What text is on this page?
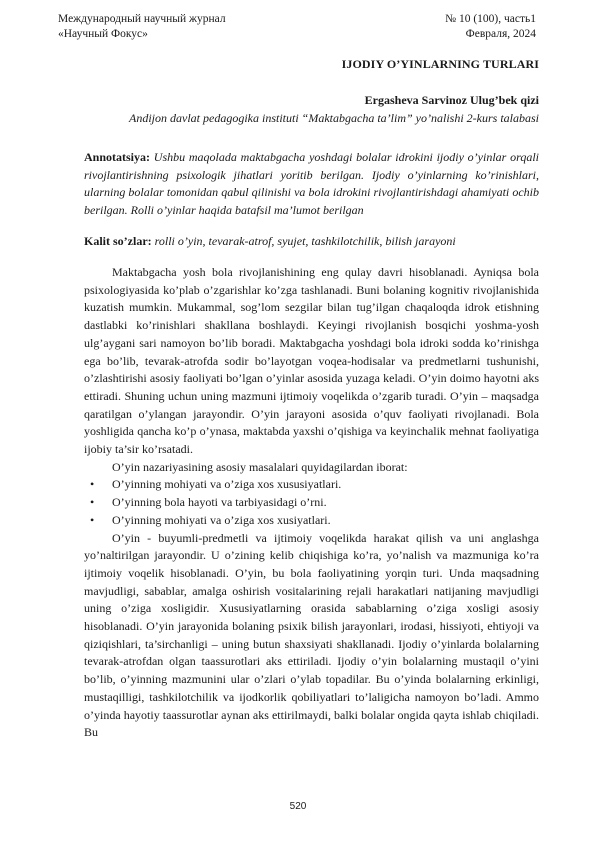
Международный научный журнал
«Научный Фокус»
№ 10 (100), часть1
Февраля, 2024
IJODIY O’YINLARNING TURLARI
Ergasheva Sarvinoz Ulug’bek qizi
Andijon davlat pedagogika instituti “Maktabgacha ta’lim” yo’nalishi 2-kurs talabasi
Annotatsiya: Ushbu maqolada maktabgacha yoshdagi bolalar idrokini ijodiy o’yinlar orqali rivojlantirishning psixologik jihatlari yoritib berilgan. Ijodiy o’yinlarning ko’rinishlari, ularning bolalar tomonidan qabul qilinishi va bola idrokini rivojlantirishdagi ahamiyati ochib berilgan. Rolli o’yinlar haqida batafsil ma’lumot berilgan
Kalit so’zlar: rolli o’yin, tevarak-atrof, syujet, tashkilotchilik, bilish jarayoni

Maktabgacha yosh bola rivojlanishining eng qulay davri hisoblanadi. Ayniqsa bola psixologiyasida ko’plab o’zgarishlar ko’zga tashlanadi. Buni bolaning kognitiv rivojlanishida kuzatish mumkin. Mukammal, sog’lom sezgilar bilan tug’ilgan chaqaloqda idrok etishning dastlabki ko’rinishlari shakllana boshlaydi. Keyingi rivojlanish bosqichi yoshma-yosh ulg’aygani sari namoyon bo’lib boradi. Maktabgacha yoshdagi bola idroki sodda ko’rinishga ega bo’lib, tevarak-atrofda sodir bo’layotgan voqea-hodisalar va predmetlarni tushunishi, o’zlashtirishi asosiy faoliyati bo’lgan o’yinlar asosida yuzaga keladi. O’yin doimo hayotni aks ettiradi. Shuning uchun uning mazmuni ijtimoiy voqelikda o’zgarib turadi. O’yin – maqsadga qaratilgan o’ylangan jarayondir. O’yin jarayoni asosida o’quv faoliyati rivojlanadi. Bola yoshligida qancha ko’p o’ynasa, maktabda yaxshi o’qishiga va keyinchalik mehnat faoliyatiga ijobiy ta’sir ko’rsatadi.

O’yin nazariyasining asosiy masalalari quyidagilardan iborat:

• O’yinning mohiyati va o’ziga xos xususiyatlari.
• O’yinning bola hayoti va tarbiyasidagi o’rni.
• O’yinning mohiyati va o’ziga xos xusiyatlari.

O’yin - buyumli-predmetli va ijtimoiy voqelikda harakat qilish va uni anglashga yo’naltirilgan jarayondir. U o’zining kelib chiqishiga ko’ra, yo’nalish va mazmuniga ko’ra ijtimoiy voqelik hisoblanadi. O’yin, bu bola faoliyatining yorqin turi. Unda maqsadning mavjudligi, sabablar, amalga oshirish vositalarining rejali harakatlari natijaning mavjudligi uning o’ziga xosligidir. Xususiyatlarning orasida sabablarning o’ziga xosligi asosiy hisoblanadi. O’yin jarayonida bolaning psixik bilish jarayonlari, irodasi, hissiyoti, ehtiyoji va qiziqishlari, ta’sirchanligi – uning butun shaxsiyati shakllanadi. Ijodiy o’yinlarda bolalarning tevarak-atrofdan olgan taassurotlari aks ettiriladi. Ijodiy o’yin bolalarning mustaqil o’yini bo’lib, o’yinning mazmunini ular o’zlari o’ylab topadilar. Bu o’yinda bolalarning erkinligi, mustaqilligi, tashkilotchilik va ijodkorlik qobiliyatlari to’laligicha namoyon bo’ladi. Ammo o’yinda hayotiy taassurotlar aynan aks ettirilmaydi, balki bolalar ongida qayta ishlab chiqiladi. Bu

520
